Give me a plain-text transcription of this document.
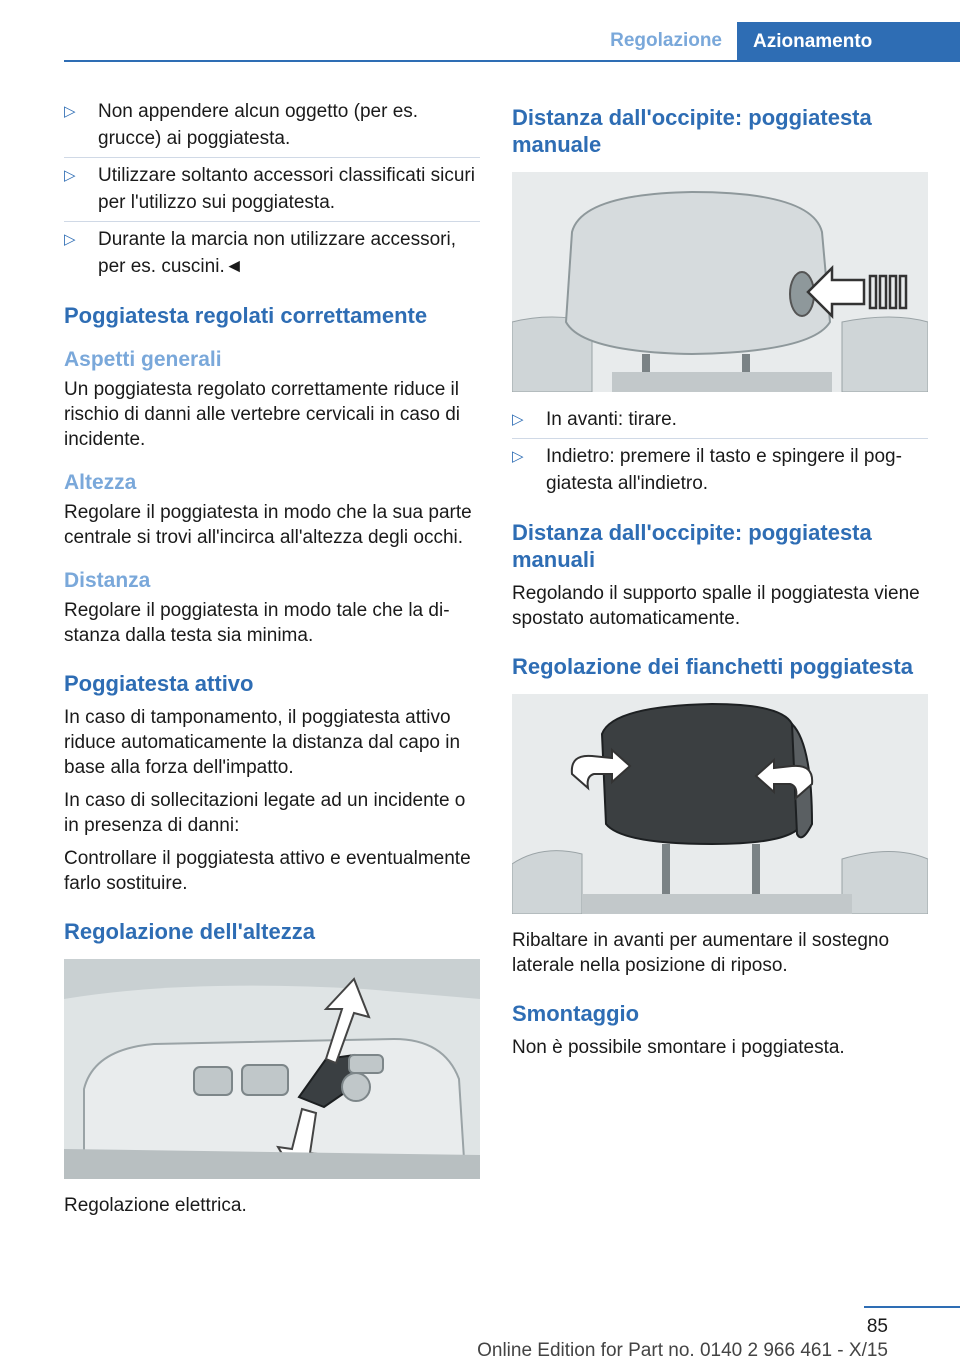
Regolazione	Azionamento
▷ Non appendere alcun oggetto (per es. grucce) ai poggiatesta.
▷ Utilizzare soltanto accessori classificati sicuri per l'utilizzo sui poggiatesta.
▷ Durante la marcia non utilizzare accessori, per es. cuscini.◄
Poggiatesta regolati correttamente
Aspetti generali

Un poggiatesta regolato correttamente riduce il rischio di danni alle vertebre cervicali in caso di incidente.

Altezza

Regolare il poggiatesta in modo che la sua parte centrale si trovi all'incirca all'altezza degli occhi.

Distanza

Regolare il poggiatesta in modo tale che la distanza dalla testa sia minima.

Poggiatesta attivo

In caso di tamponamento, il poggiatesta attivo riduce automaticamente la distanza dal capo in base alla forza dell'impatto.

In caso di sollecitazioni legate ad un incidente o in presenza di danni:

Controllare il poggiatesta attivo e eventualmente farlo sostituire.

Regolazione dell'altezza

Regolazione elettrica.

Distanza dall'occipite: poggiatesta manuale
▷ In avanti: tirare.
▷ Indietro: premere il tasto e spingere il poggiatesta all'indietro.
Distanza dall'occipite: poggiatesta manuali

Regolando il supporto spalle il poggiatesta viene spostato automaticamente.

Regolazione dei fianchetti poggiatesta

Ribaltare in avanti per aumentare il sostegno laterale nella posizione di riposo.

Smontaggio

Non è possibile smontare i poggiatesta.

85
Online Edition for Part no. 0140 2 966 461 - X/15
